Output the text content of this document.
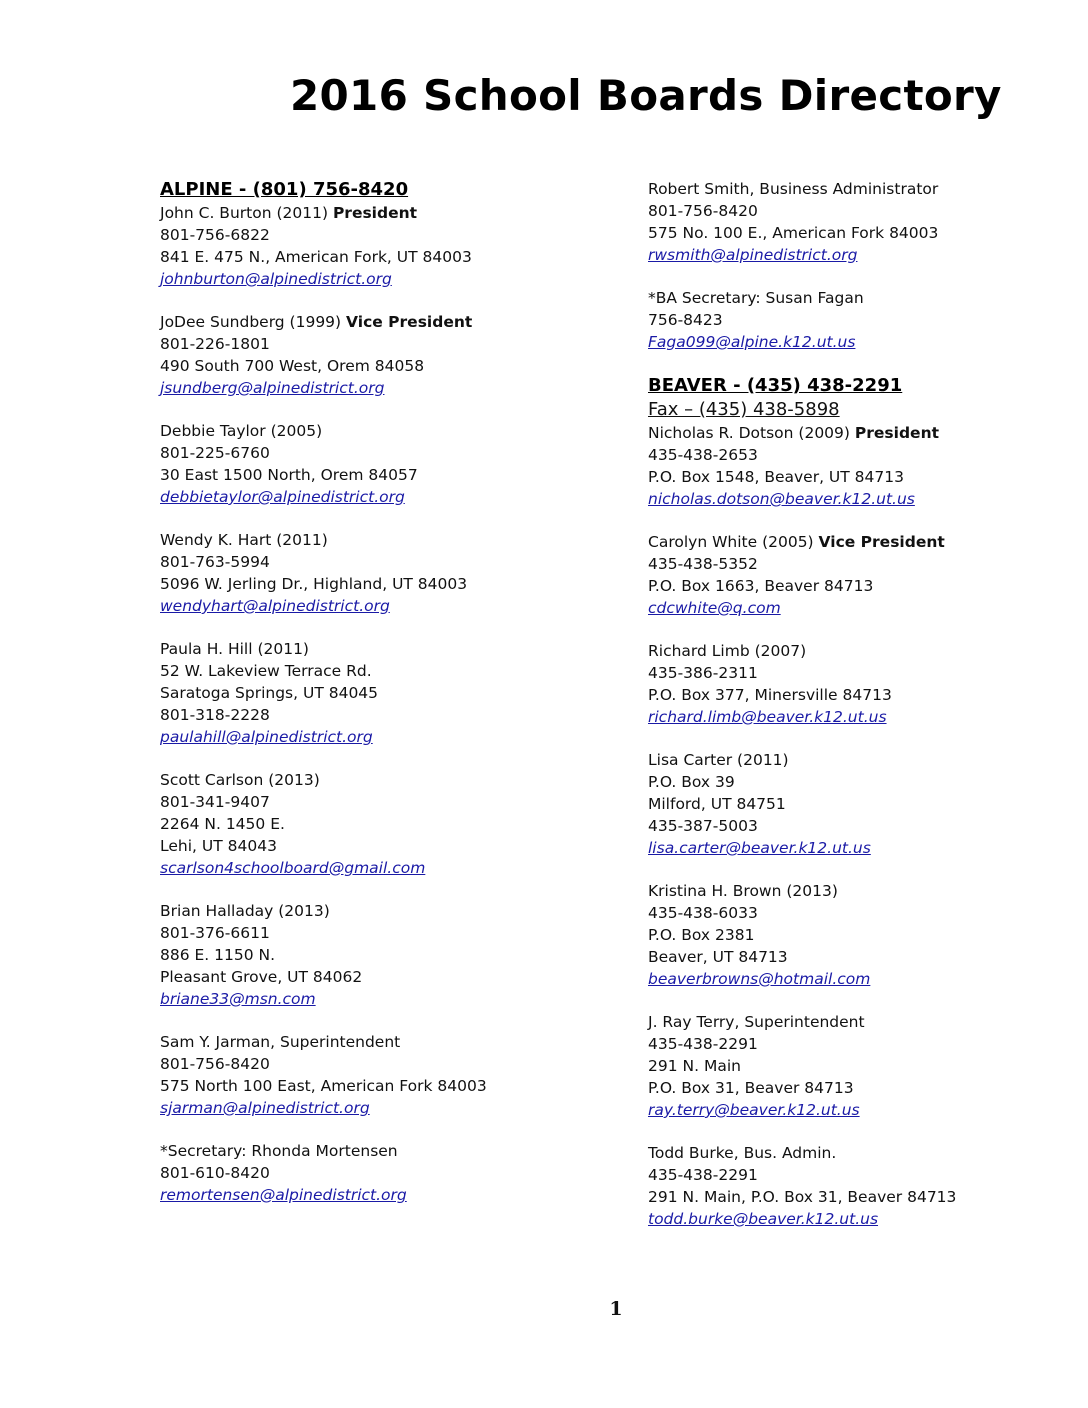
2016 School Boards Directory
ALPINE - (801) 756-8420
John C. Burton (2011) President
801-756-6822
841 E. 475 N., American Fork, UT 84003
johnburton@alpinedistrict.org
JoDee Sundberg (1999) Vice President
801-226-1801
490 South 700 West, Orem 84058
jsundberg@alpinedistrict.org
Debbie Taylor (2005)
801-225-6760
30 East 1500 North, Orem 84057
debbietaylor@alpinedistrict.org
Wendy K. Hart (2011)
801-763-5994
5096 W. Jerling Dr., Highland, UT 84003
wendyhart@alpinedistrict.org
Paula H. Hill (2011)
52 W. Lakeview Terrace Rd.
Saratoga Springs, UT 84045
801-318-2228
paulahill@alpinedistrict.org
Scott Carlson (2013)
801-341-9407
2264 N. 1450 E.
Lehi, UT 84043
scarlson4schoolboard@gmail.com
Brian Halladay (2013)
801-376-6611
886 E. 1150 N.
Pleasant Grove, UT 84062
briane33@msn.com
Sam Y. Jarman, Superintendent
801-756-8420
575 North 100 East, American Fork 84003
sjarman@alpinedistrict.org
*Secretary: Rhonda Mortensen
801-610-8420
remortensen@alpinedistrict.org
Robert Smith, Business Administrator
801-756-8420
575 No. 100 E., American Fork 84003
rwsmith@alpinedistrict.org
*BA Secretary: Susan Fagan
756-8423
Faga099@alpine.k12.ut.us
BEAVER - (435) 438-2291
Fax – (435) 438-5898
Nicholas R. Dotson (2009) President
435-438-2653
P.O. Box 1548, Beaver, UT 84713
nicholas.dotson@beaver.k12.ut.us
Carolyn White (2005) Vice President
435-438-5352
P.O. Box 1663, Beaver 84713
cdcwhite@q.com
Richard Limb (2007)
435-386-2311
P.O. Box 377, Minersville 84713
richard.limb@beaver.k12.ut.us
Lisa Carter (2011)
P.O. Box 39
Milford, UT 84751
435-387-5003
lisa.carter@beaver.k12.ut.us
Kristina H. Brown (2013)
435-438-6033
P.O. Box 2381
Beaver, UT 84713
beaverbrowns@hotmail.com
J. Ray Terry, Superintendent
435-438-2291
291 N. Main
P.O. Box 31, Beaver 84713
ray.terry@beaver.k12.ut.us
Todd Burke, Bus. Admin.
435-438-2291
291 N. Main, P.O. Box 31, Beaver 84713
todd.burke@beaver.k12.ut.us
1
